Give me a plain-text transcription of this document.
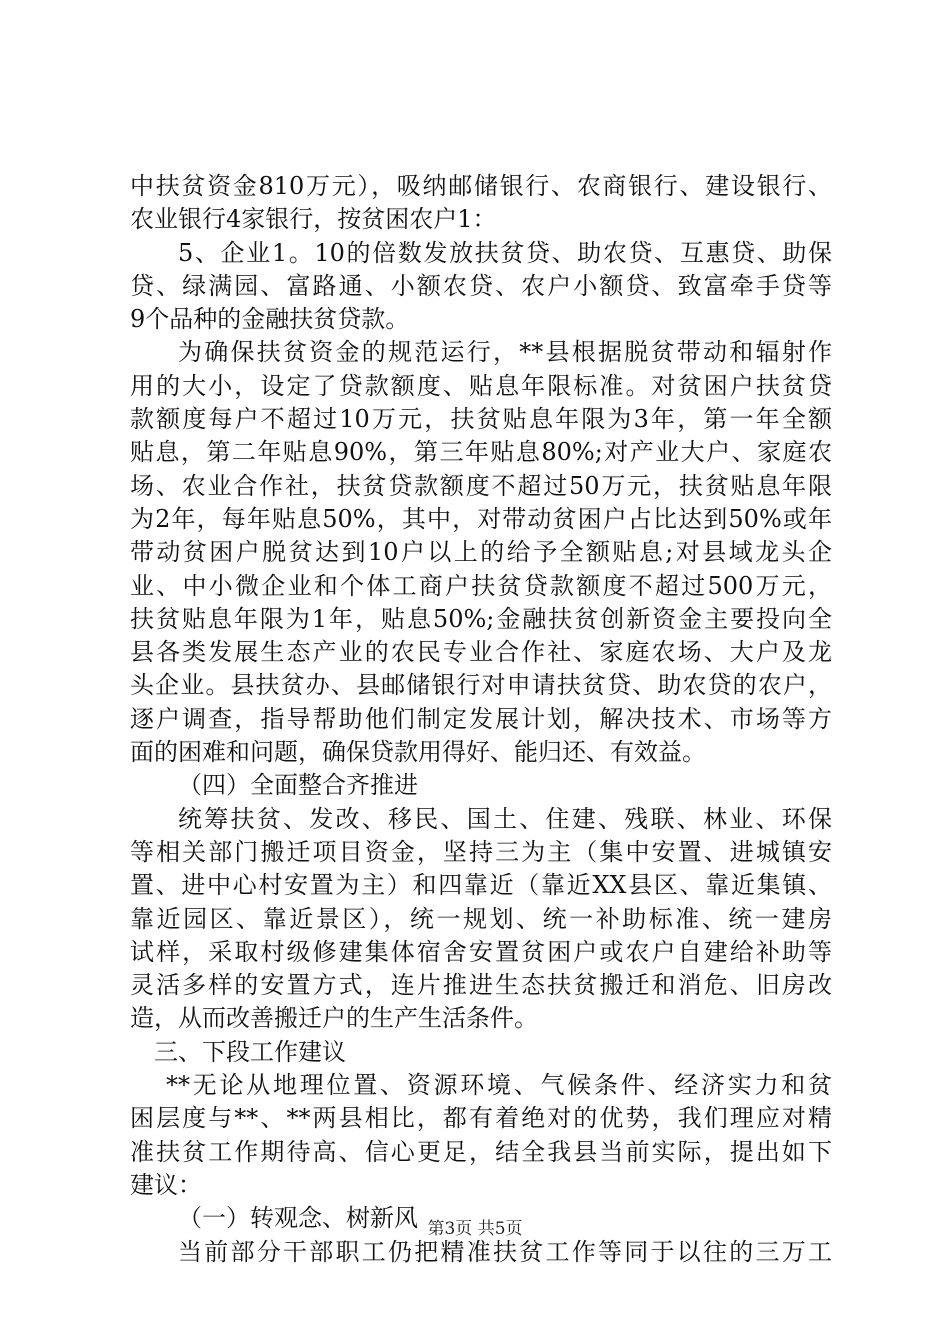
中扶贫资金810万元），吸纳邮储银行、农商银行、建设银行、
农业银行4家银行，按贫困农户1：
5、企业1。10的倍数发放扶贫贷、助农贷、互惠贷、助保
贷、绿满园、富路通、小额农贷、农户小额贷、致富牵手贷等
9个品种的金融扶贫贷款。
为确保扶贫资金的规范运行，**县根据脱贫带动和辐射作
用的大小，设定了贷款额度、贴息年限标准。对贫困户扶贫贷
款额度每户不超过10万元，扶贫贴息年限为3年，第一年全额
贴息，第二年贴息90%，第三年贴息80%;对产业大户、家庭农
场、农业合作社，扶贫贷款额度不超过50万元，扶贫贴息年限
为2年，每年贴息50%，其中，对带动贫困户占比达到50%或年
带动贫困户脱贫达到10户以上的给予全额贴息;对县域龙头企
业、中小微企业和个体工商户扶贫贷款额度不超过500万元，
扶贫贴息年限为1年，贴息50%;金融扶贫创新资金主要投向全
县各类发展生态产业的农民专业合作社、家庭农场、大户及龙
头企业。县扶贫办、县邮储银行对申请扶贫贷、助农贷的农户，
逐户调查，指导帮助他们制定发展计划，解决技术、市场等方
面的困难和问题，确保贷款用得好、能归还、有效益。
（四）全面整合齐推进
统筹扶贫、发改、移民、国土、住建、残联、林业、环保
等相关部门搬迁项目资金，坚持三为主（集中安置、进城镇安
置、进中心村安置为主）和四靠近（靠近XX县区、靠近集镇、
靠近园区、靠近景区），统一规划、统一补助标准、统一建房
试样，采取村级修建集体宿舍安置贫困户或农户自建给补助等
灵活多样的安置方式，连片推进生态扶贫搬迁和消危、旧房改
造，从而改善搬迁户的生产生活条件。
三、下段工作建议
**无论从地理位置、资源环境、气候条件、经济实力和贫
困层度与**、**两县相比，都有着绝对的优势，我们理应对精
准扶贫工作期待高、信心更足，结全我县当前实际，提出如下
建议：
（一）转观念、树新风
当前部分干部职工仍把精准扶贫工作等同于以往的三万工
第3页 共5页
